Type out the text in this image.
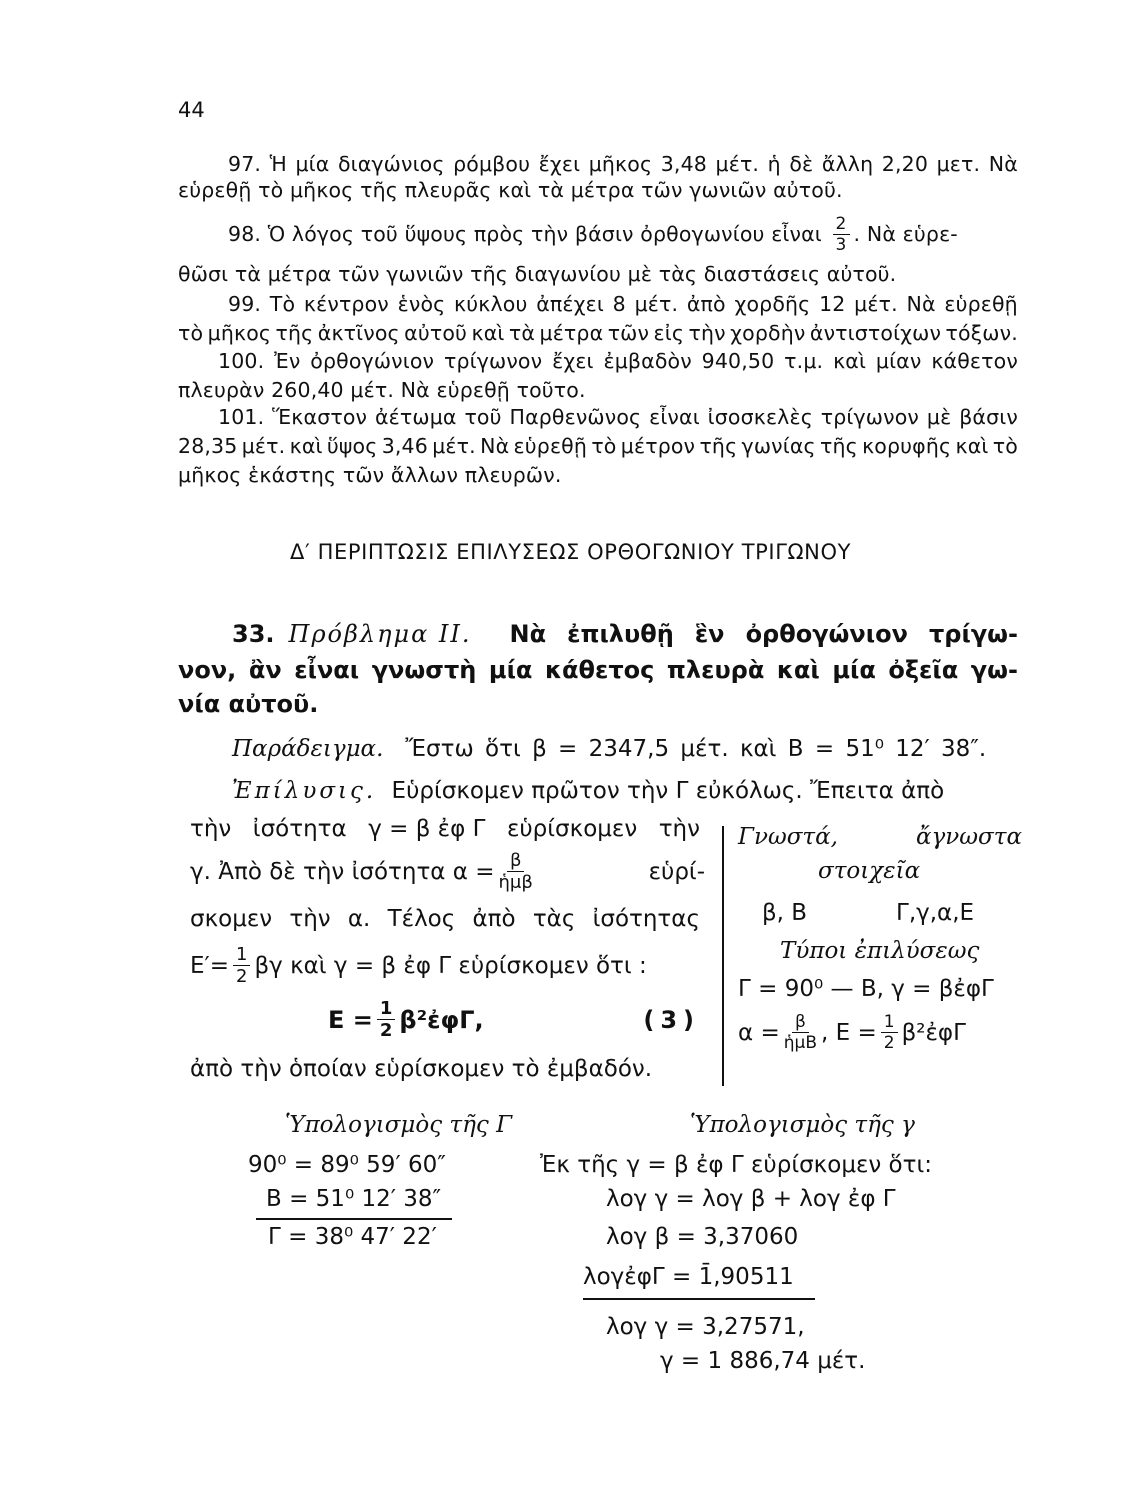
44
97. Ἡ μία διαγώνιος ρόμβου ἔχει μῆκος 3,48 μέτ. ἡ δὲ ἄλλη 2,20 μετ. Νὰ
εὑρεθῇ τὸ μῆκος τῆς πλευρᾶς καὶ τὰ μέτρα τῶν γωνιῶν αὐτοῦ.
98. Ὁ λόγος τοῦ ὕψους πρὸς τὴν βάσιν ὀρθογωνίου εἶναι $\frac{2}{3}$ . Νὰ εὑρε-
θῶσι τὰ μέτρα τῶν γωνιῶν τῆς διαγωνίου μὲ τὰς διαστάσεις αὐτοῦ.
99. Τὸ κέντρον ἑνὸς κύκλου ἀπέχει 8 μέτ. ἀπὸ χορδῆς 12 μέτ. Νὰ εὑρεθῇ
τὸ μῆκος τῆς ἀκτῖνος αὐτοῦ καὶ τὰ μέτρα τῶν εἰς τὴν χορδὴν ἀντιστοίχων τόξων.
100. Ἐν ὀρθογώνιον τρίγωνον ἔχει ἐμβαδὸν 940,50 τ.μ. καὶ μίαν κάθετον
πλευρὰν 260,40 μέτ. Νὰ εὑρεθῇ τοῦτο.
101. Ἕκαστον ἀέτωμα τοῦ Παρθενῶνος εἶναι ἰσοσκελὲς τρίγωνον μὲ βάσιν
28,35 μέτ. καὶ ὕψος 3,46 μέτ. Νὰ εὑρεθῇ τὸ μέτρον τῆς γωνίας τῆς κορυφῆς καὶ τὸ
μῆκος ἑκάστης τῶν ἄλλων πλευρῶν.
Δ′ ΠΕΡΙΠΤΩΣΙΣ ΕΠΙΛΥΣΕΩΣ ΟΡΘΟΓΩΝΙΟΥ ΤΡΙΓΩΝΟΥ
33. Πρόβλημα II. Νὰ ἐπιλυθῇ ἓν ὀρθογώνιον τρίγω-
νον, ἂν εἶναι γνωστὴ μία κάθετος πλευρὰ καὶ μία ὀξεῖα γω-
νία αὐτοῦ.
Παράδειγμα. Ἔστω ὅτι β = 2347,5 μέτ. καὶ Β = 51⁰ 12′ 38″.
Ἐπίλυσις. Εὑρίσκομεν πρῶτον τὴν Γ εὐκόλως. Ἔπειτα ἀπὸ
τὴν ἰσότητα γ = β ἐφ Γ εὑρίσκομεν τὴν
γ. Ἀπὸ δὲ τὴν ἰσότητα $\alpha = \frac{\beta}{\text{ἡμβ}}$	εὑρί-
σκομεν τὴν α. Τέλος ἀπὸ τὰς ἰσότητας
$E'= \frac{1}{2}$ βγ καὶ γ = β ἐφ Γ εὑρίσκομεν ὅτι :
$E = \frac{1}{2}$ β²ἐφΓ,	(3)
ἀπὸ τὴν ὁποίαν εὑρίσκομεν τὸ ἐμβαδόν.
Γνωστά,	ἄγνωστα
στοιχεῖα
β, Β	Γ,γ,α,Ε
Τύποι ἐπιλύσεως
Γ = 90⁰ — Β, γ = βἐφΓ
$\alpha = \frac{\beta}{\text{ἡμΒ}}$ , $E = \frac{1}{2}$ β²ἐφΓ
Ὑπολογισμὸς τῆς Γ
90⁰ = 89⁰ 59′ 60″
Β = 51⁰ 12′ 38″
Γ = 38⁰ 47′ 22′
Ὑπολογισμὸς τῆς γ
Ἐκ τῆς γ = β ἐφ Γ εὑρίσκομεν ὅτι:
λογ γ = λογ β + λογ ἐφ Γ
λογ β = 3,37060
λογἐφΓ = 1̄,90511
λογ γ = 3,27571,
γ = 1 886,74 μέτ.
